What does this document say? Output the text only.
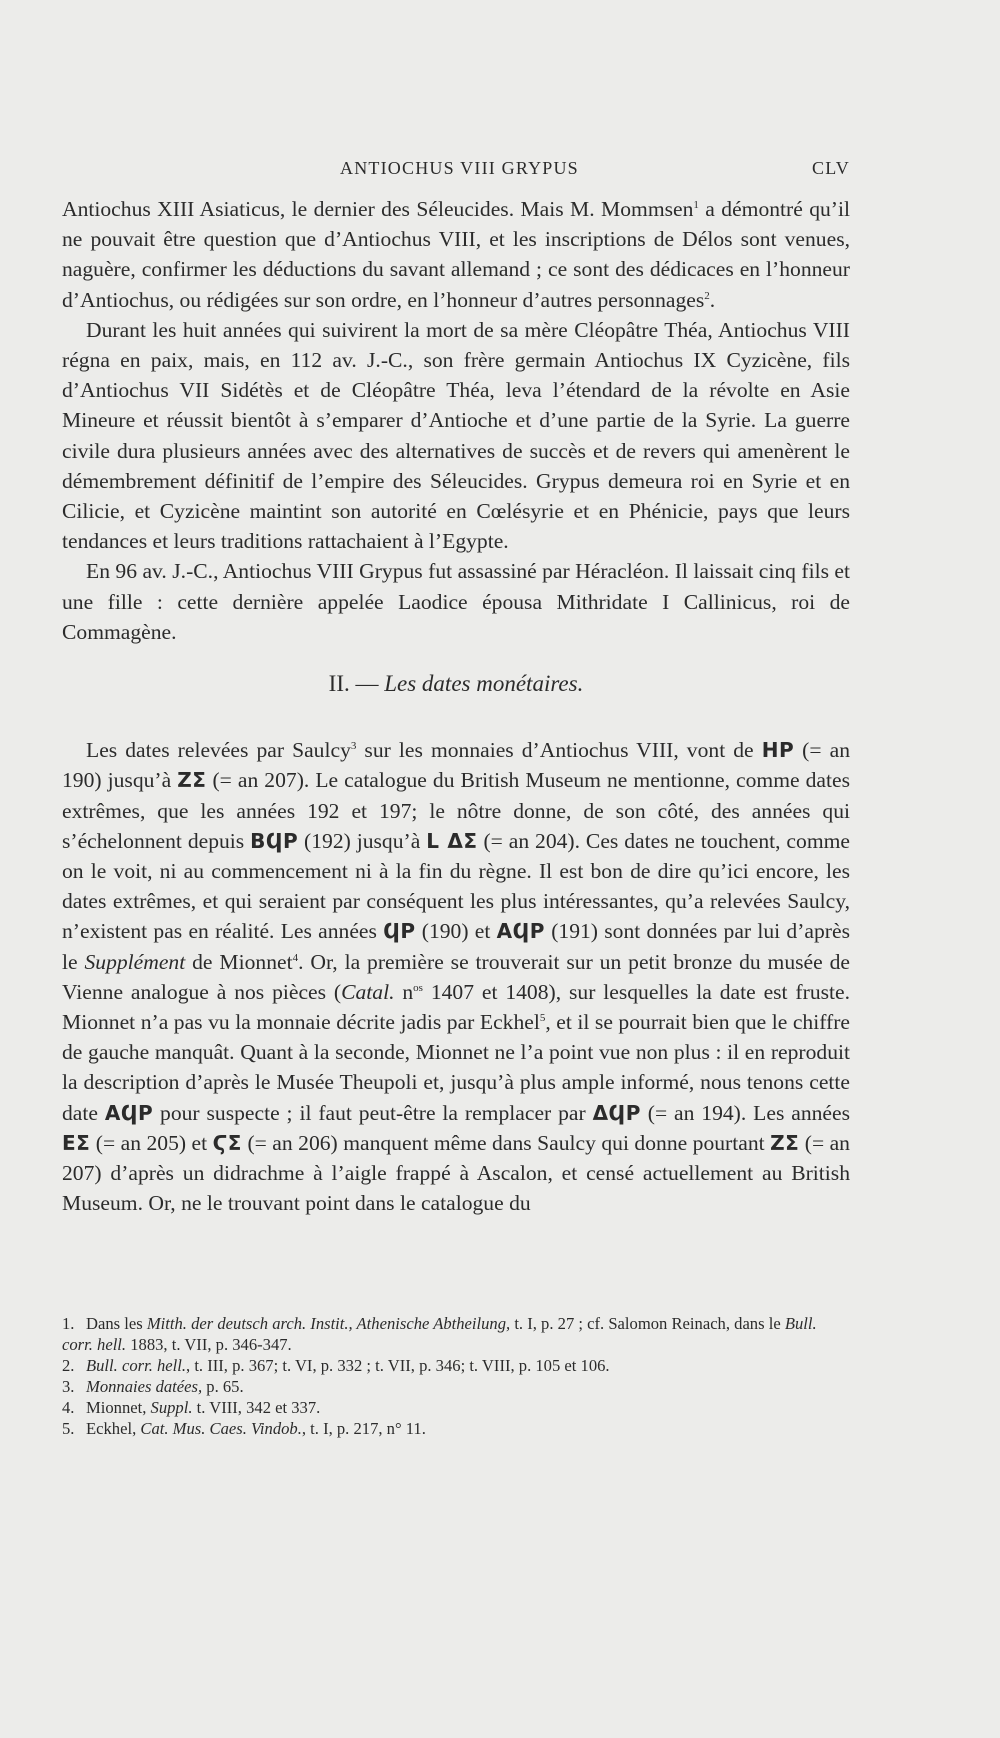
ANTIOCHUS VIII GRYPUS	CLV

Antiochus XIII Asiaticus, le dernier des Séleucides. Mais M. Mommsen$^1$ a démontré qu’il ne pouvait être question que d’Antiochus VIII, et les inscriptions de Délos sont venues, naguère, confirmer les déductions du savant allemand ; ce sont des dédicaces en l’honneur d’Antiochus, ou rédigées sur son ordre, en l’honneur d’autres personnages$^2$.

Durant les huit années qui suivirent la mort de sa mère Cléopâtre Théa, Antiochus VIII régna en paix, mais, en 112 av. J.-C., son frère germain Antiochus IX Cyzicène, fils d’Antiochus VII Sidétès et de Cléopâtre Théa, leva l’étendard de la révolte en Asie Mineure et réussit bientôt à s’emparer d’Antioche et d’une partie de la Syrie. La guerre civile dura plusieurs années avec des alternatives de succès et de revers qui amenèrent le démembrement définitif de l’empire des Séleucides. Grypus demeura roi en Syrie et en Cilicie, et Cyzicène maintint son autorité en Cœlésyrie et en Phénicie, pays que leurs tendances et leurs traditions rattachaient à l’Egypte.

En 96 av. J.-C., Antiochus VIII Grypus fut assassiné par Héracléon. Il laissait cinq fils et une fille : cette dernière appelée Laodice épousa Mithridate I Callinicus, roi de Commagène.

II. — Les dates monétaires.

Les dates relevées par Saulcy$^3$ sur les monnaies d’Antiochus VIII, vont de ΗΡ (= an 190) jusqu’à ΖΣ (= an 207). Le catalogue du British Museum ne mentionne, comme dates extrêmes, que les années 192 et 197; le nôtre donne, de son côté, des années qui s’échelonnent depuis ΒϤΡ (192) jusqu’à L ΔΣ (= an 204). Ces dates ne touchent, comme on le voit, ni au commencement ni à la fin du règne. Il est bon de dire qu’ici encore, les dates extrêmes, et qui seraient par conséquent les plus intéressantes, qu’a relevées Saulcy, n’existent pas en réalité. Les années ϤΡ (190) et ΑϤΡ (191) sont données par lui d’après le Supplément de Mionnet$^4$. Or, la première se trouverait sur un petit bronze du musée de Vienne analogue à nos pièces (Catal. $n^{os}$ 1407 et 1408), sur lesquelles la date est fruste. Mionnet n’a pas vu la monnaie décrite jadis par Eckhel$^5$, et il se pourrait bien que le chiffre de gauche manquât. Quant à la seconde, Mionnet ne l’a point vue non plus : il en reproduit la description d’après le Musée Theupoli et, jusqu’à plus ample informé, nous tenons cette date ΑϤΡ pour suspecte ; il faut peut-être la remplacer par ΔϤΡ (= an 194). Les années ΕΣ (= an 205) et ϚΣ (= an 206) manquent même dans Saulcy qui donne pourtant ΖΣ (= an 207) d’après un didrachme à l’aigle frappé à Ascalon, et censé actuellement au British Museum. Or, ne le trouvant point dans le catalogue du

1. Dans les Mitth. der deutsch arch. Instit., Athenische Abtheilung, t. I, p. 27 ; cf. Salomon Reinach, dans le Bull. corr. hell. 1883, t. VII, p. 346-347.

2. Bull. corr. hell., t. III, p. 367; t. VI, p. 332 ; t. VII, p. 346; t. VIII, p. 105 et 106.

3. Monnaies datées, p. 65.

4. Mionnet, Suppl. t. VIII, 342 et 337.

5. Eckhel, Cat. Mus. Caes. Vindob., t. I, p. 217, n° 11.
